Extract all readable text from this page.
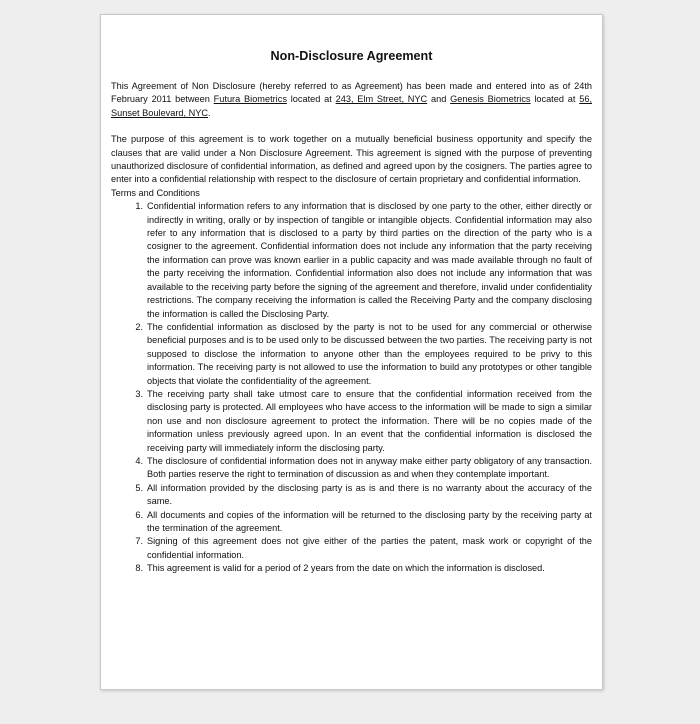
Non-Disclosure Agreement

This Agreement of Non Disclosure (hereby referred to as Agreement) has been made and entered into as of 24th February 2011 between Futura Biometrics located at 243, Elm Street, NYC and Genesis Biometrics located at 56, Sunset Boulevard, NYC.

The purpose of this agreement is to work together on a mutually beneficial business opportunity and specify the clauses that are valid under a Non Disclosure Agreement. This agreement is signed with the purpose of preventing unauthorized disclosure of confidential information, as defined and agreed upon by the cosigners. The parties agree to enter into a confidential relationship with respect to the disclosure of certain proprietary and confidential information.

Terms and Conditions

1. Confidential information refers to any information that is disclosed by one party to the other, either directly or indirectly in writing, orally or by inspection of tangible or intangible objects. Confidential information may also refer to any information that is disclosed to a party by third parties on the direction of the party who is a cosigner to the agreement. Confidential information does not include any information that the party receiving the information can prove was known earlier in a public capacity and was made available through no fault of the party receiving the information. Confidential information also does not include any information that was available to the receiving party before the signing of the agreement and therefore, invalid under confidentiality restrictions. The company receiving the information is called the Receiving Party and the company disclosing the information is called the Disclosing Party.
2. The confidential information as disclosed by the party is not to be used for any commercial or otherwise beneficial purposes and is to be used only to be discussed between the two parties. The receiving party is not supposed to disclose the information to anyone other than the employees required to be privy to this information. The receiving party is not allowed to use the information to build any prototypes or other tangible objects that violate the confidentiality of the agreement.
3. The receiving party shall take utmost care to ensure that the confidential information received from the disclosing party is protected. All employees who have access to the information will be made to sign a similar non use and non disclosure agreement to protect the information. There will be no copies made of the information unless previously agreed upon. In an event that the confidential information is disclosed the receiving party will immediately inform the disclosing party.
4. The disclosure of confidential information does not in anyway make either party obligatory of any transaction. Both parties reserve the right to termination of discussion as and when they contemplate important.
5. All information provided by the disclosing party is as is and there is no warranty about the accuracy of the same.
6. All documents and copies of the information will be returned to the disclosing party by the receiving party at the termination of the agreement.
7. Signing of this agreement does not give either of the parties the patent, mask work or copyright of the confidential information.
8. This agreement is valid for a period of 2 years from the date on which the information is disclosed.
